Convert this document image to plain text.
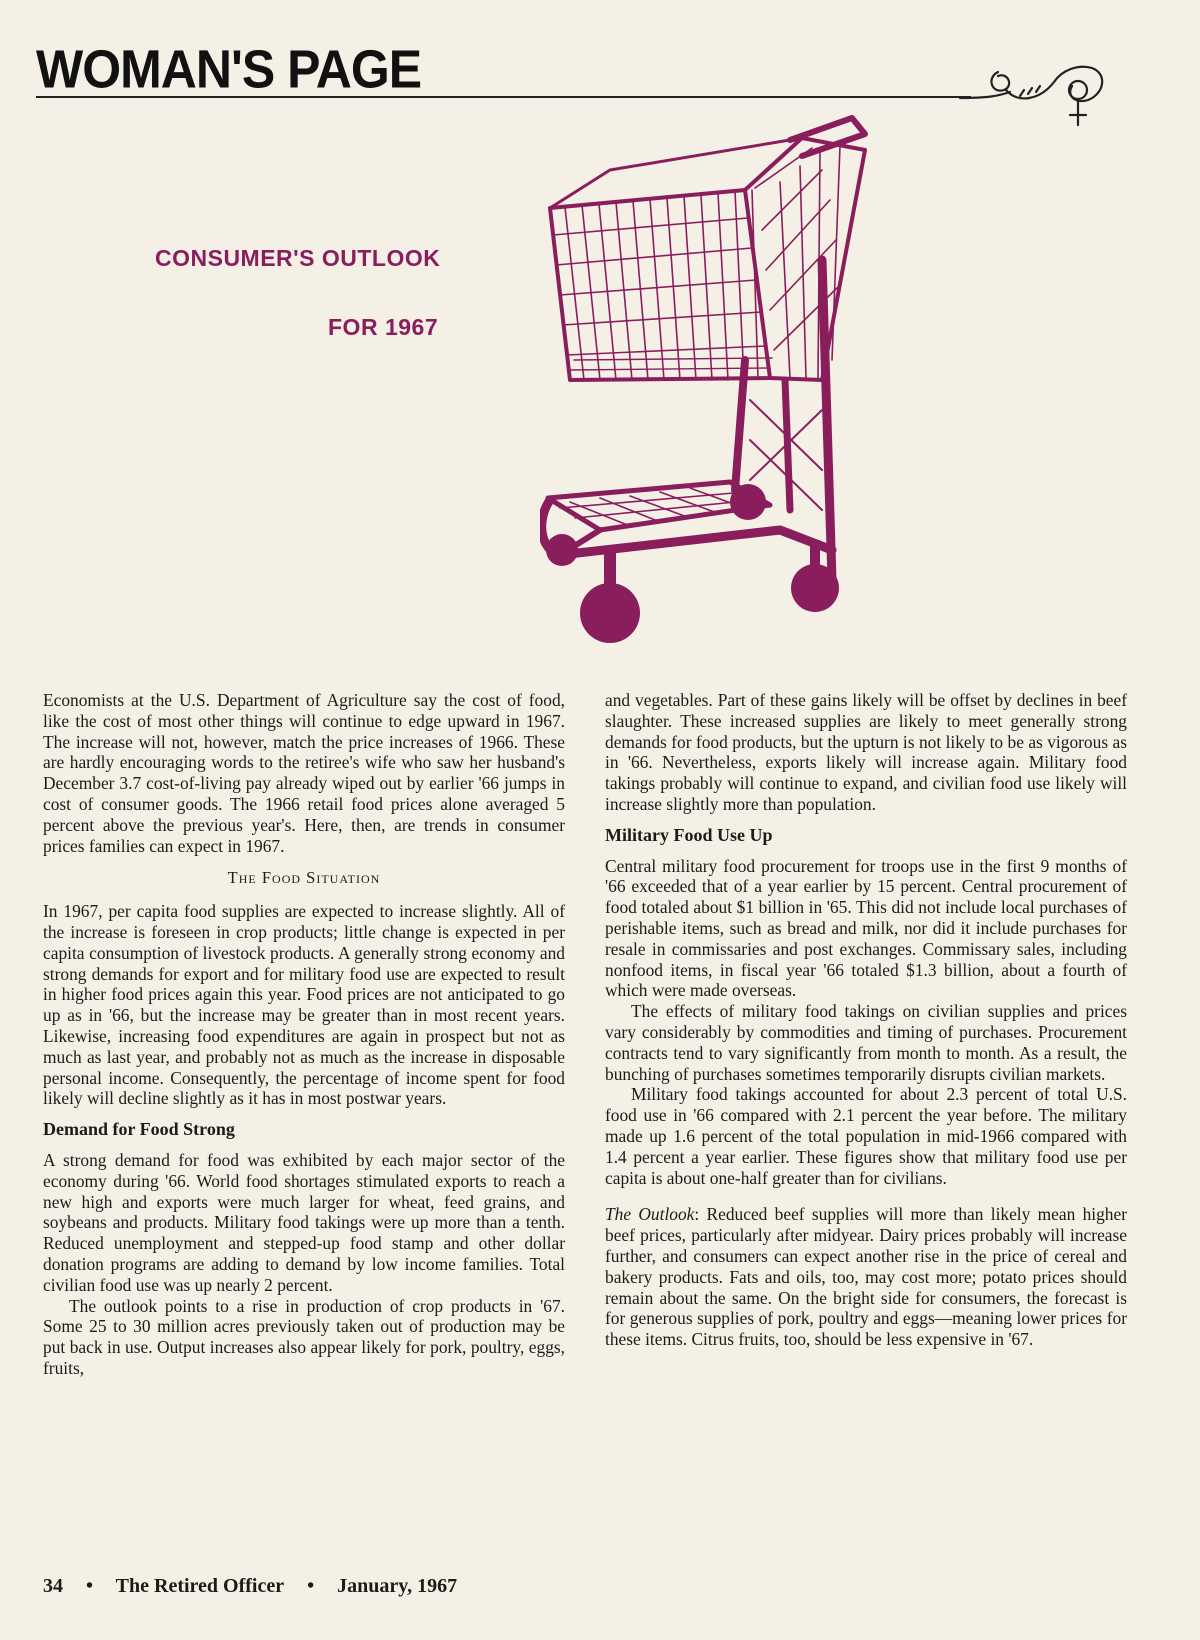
WOMAN'S PAGE
CONSUMER'S OUTLOOK
FOR 1967

Economists at the U.S. Department of Agriculture say the cost of food, like the cost of most other things will continue to edge upward in 1967. The increase will not, however, match the price increases of 1966. These are hardly encouraging words to the retiree's wife who saw her husband's December 3.7 cost-of-living pay already wiped out by earlier '66 jumps in cost of consumer goods. The 1966 retail food prices alone averaged 5 percent above the previous year's. Here, then, are trends in consumer prices families can expect in 1967.

The Food Situation

In 1967, per capita food supplies are expected to increase slightly. All of the increase is foreseen in crop products; little change is expected in per capita consumption of livestock products. A generally strong economy and strong demands for export and for military food use are expected to result in higher food prices again this year. Food prices are not anticipated to go up as in '66, but the increase may be greater than in most recent years. Likewise, increasing food expenditures are again in prospect but not as much as last year, and probably not as much as the increase in disposable personal income. Consequently, the percentage of income spent for food likely will decline slightly as it has in most postwar years.

Demand for Food Strong

A strong demand for food was exhibited by each major sector of the economy during '66. World food shortages stimulated exports to reach a new high and exports were much larger for wheat, feed grains, and soybeans and products. Military food takings were up more than a tenth. Reduced unemployment and stepped-up food stamp and other dollar donation programs are adding to demand by low income families. Total civilian food use was up nearly 2 percent.

The outlook points to a rise in production of crop products in '67. Some 25 to 30 million acres previously taken out of production may be put back in use. Output increases also appear likely for pork, poultry, eggs, fruits,

and vegetables. Part of these gains likely will be offset by declines in beef slaughter. These increased supplies are likely to meet generally strong demands for food products, but the upturn is not likely to be as vigorous as in '66. Nevertheless, exports likely will increase again. Military food takings probably will continue to expand, and civilian food use likely will increase slightly more than population.

Military Food Use Up

Central military food procurement for troops use in the first 9 months of '66 exceeded that of a year earlier by 15 percent. Central procurement of food totaled about $1 billion in '65. This did not include local purchases of perishable items, such as bread and milk, nor did it include purchases for resale in commissaries and post exchanges. Commissary sales, including nonfood items, in fiscal year '66 totaled $1.3 billion, about a fourth of which were made overseas.

The effects of military food takings on civilian supplies and prices vary considerably by commodities and timing of purchases. Procurement contracts tend to vary significantly from month to month. As a result, the bunching of purchases sometimes temporarily disrupts civilian markets.

Military food takings accounted for about 2.3 percent of total U.S. food use in '66 compared with 2.1 percent the year before. The military made up 1.6 percent of the total population in mid-1966 compared with 1.4 percent a year earlier. These figures show that military food use per capita is about one-half greater than for civilians.

The Outlook: Reduced beef supplies will more than likely mean higher beef prices, particularly after midyear. Dairy prices probably will increase further, and consumers can expect another rise in the price of cereal and bakery products. Fats and oils, too, may cost more; potato prices should remain about the same. On the bright side for consumers, the forecast is for generous supplies of pork, poultry and eggs—meaning lower prices for these items. Citrus fruits, too, should be less expensive in '67.

34 • The Retired Officer • January, 1967
